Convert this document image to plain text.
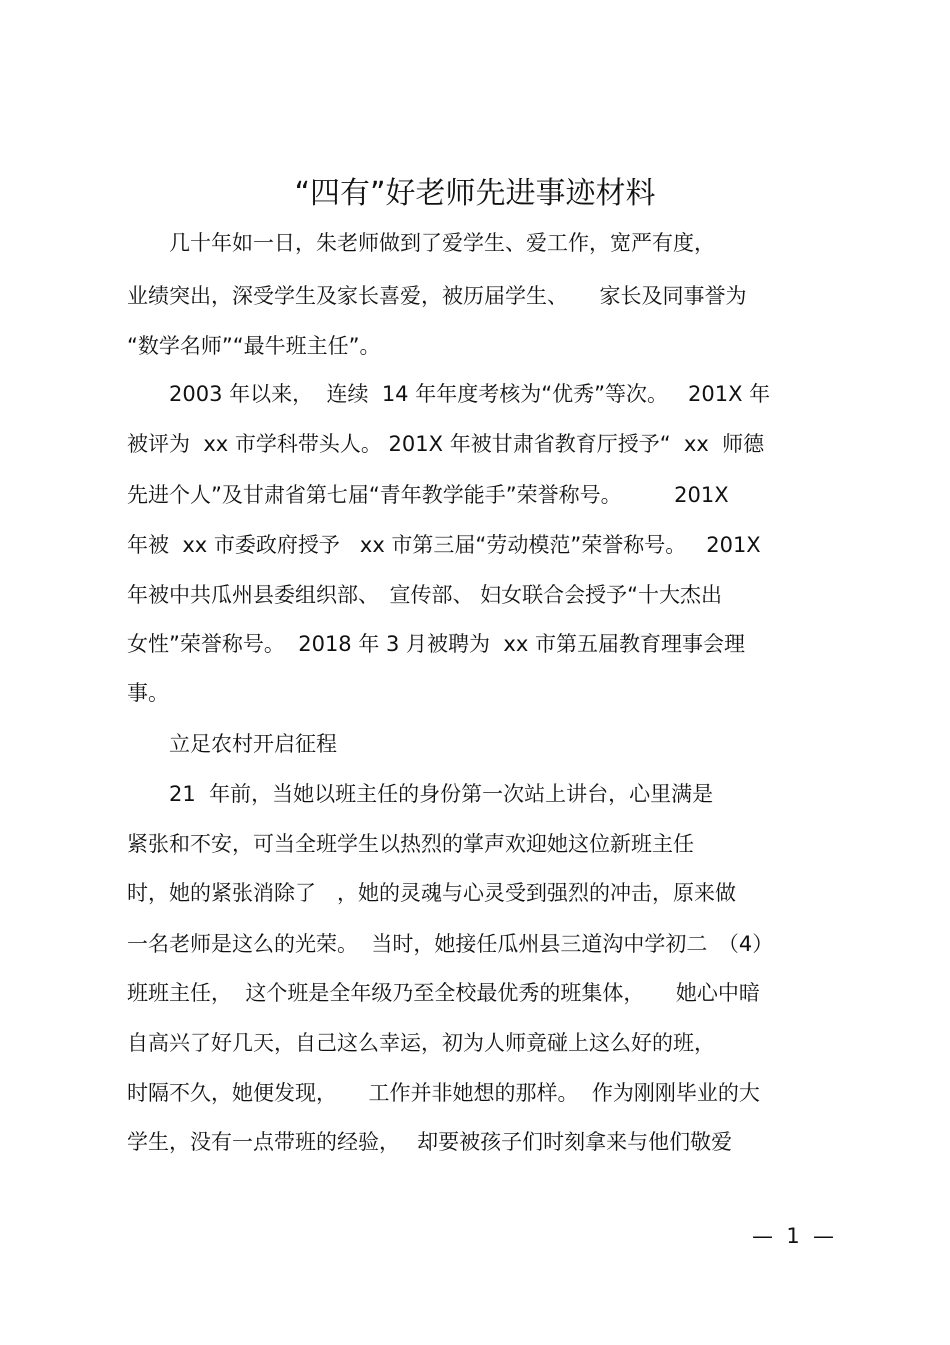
“四有”好老师先进事迹材料
　　几十年如一日，朱老师做到了爱学生、爱工作，宽严有度，
业绩突出，深受学生及家长喜爱，被历届学生、　　家长及同事誉为
“数学名师”“最牛班主任”。
　　2003 年以来，  连续  14 年年度考核为“优秀”等次。   201X 年
被评为  xx 市学科带头人。 201X 年被甘肃省教育厅授予“  xx  师德
先进个人”及甘肃省第七届“青年教学能手”荣誉称号。　　　201X
年被  xx 市委政府授予   xx 市第三届“劳动模范”荣誉称号。   201X
年被中共瓜州县委组织部、　宣传部、 妇女联合会授予“十大杰出
女性”荣誉称号。  2018 年 3 月被聘为  xx 市第五届教育理事会理
事。
　　立足农村开启征程
　　21  年前，当她以班主任的身份第一次站上讲台，心里满是
紧张和不安，可当全班学生以热烈的掌声欢迎她这位新班主任
时，她的紧张消除了　，她的灵魂与心灵受到强烈的冲击，原来做
一名老师是这么的光荣。  当时，她接任瓜州县三道沟中学初二　（4）
班班主任，  这个班是全年级乃至全校最优秀的班集体，　　她心中暗
自高兴了好几天，自己这么幸运，初为人师竟碰上这么好的班，
时隔不久，她便发现，　　工作并非她想的那样。  作为刚刚毕业的大
学生，没有一点带班的经验，　 却要被孩子们时刻拿来与他们敬爱
—  1  —
